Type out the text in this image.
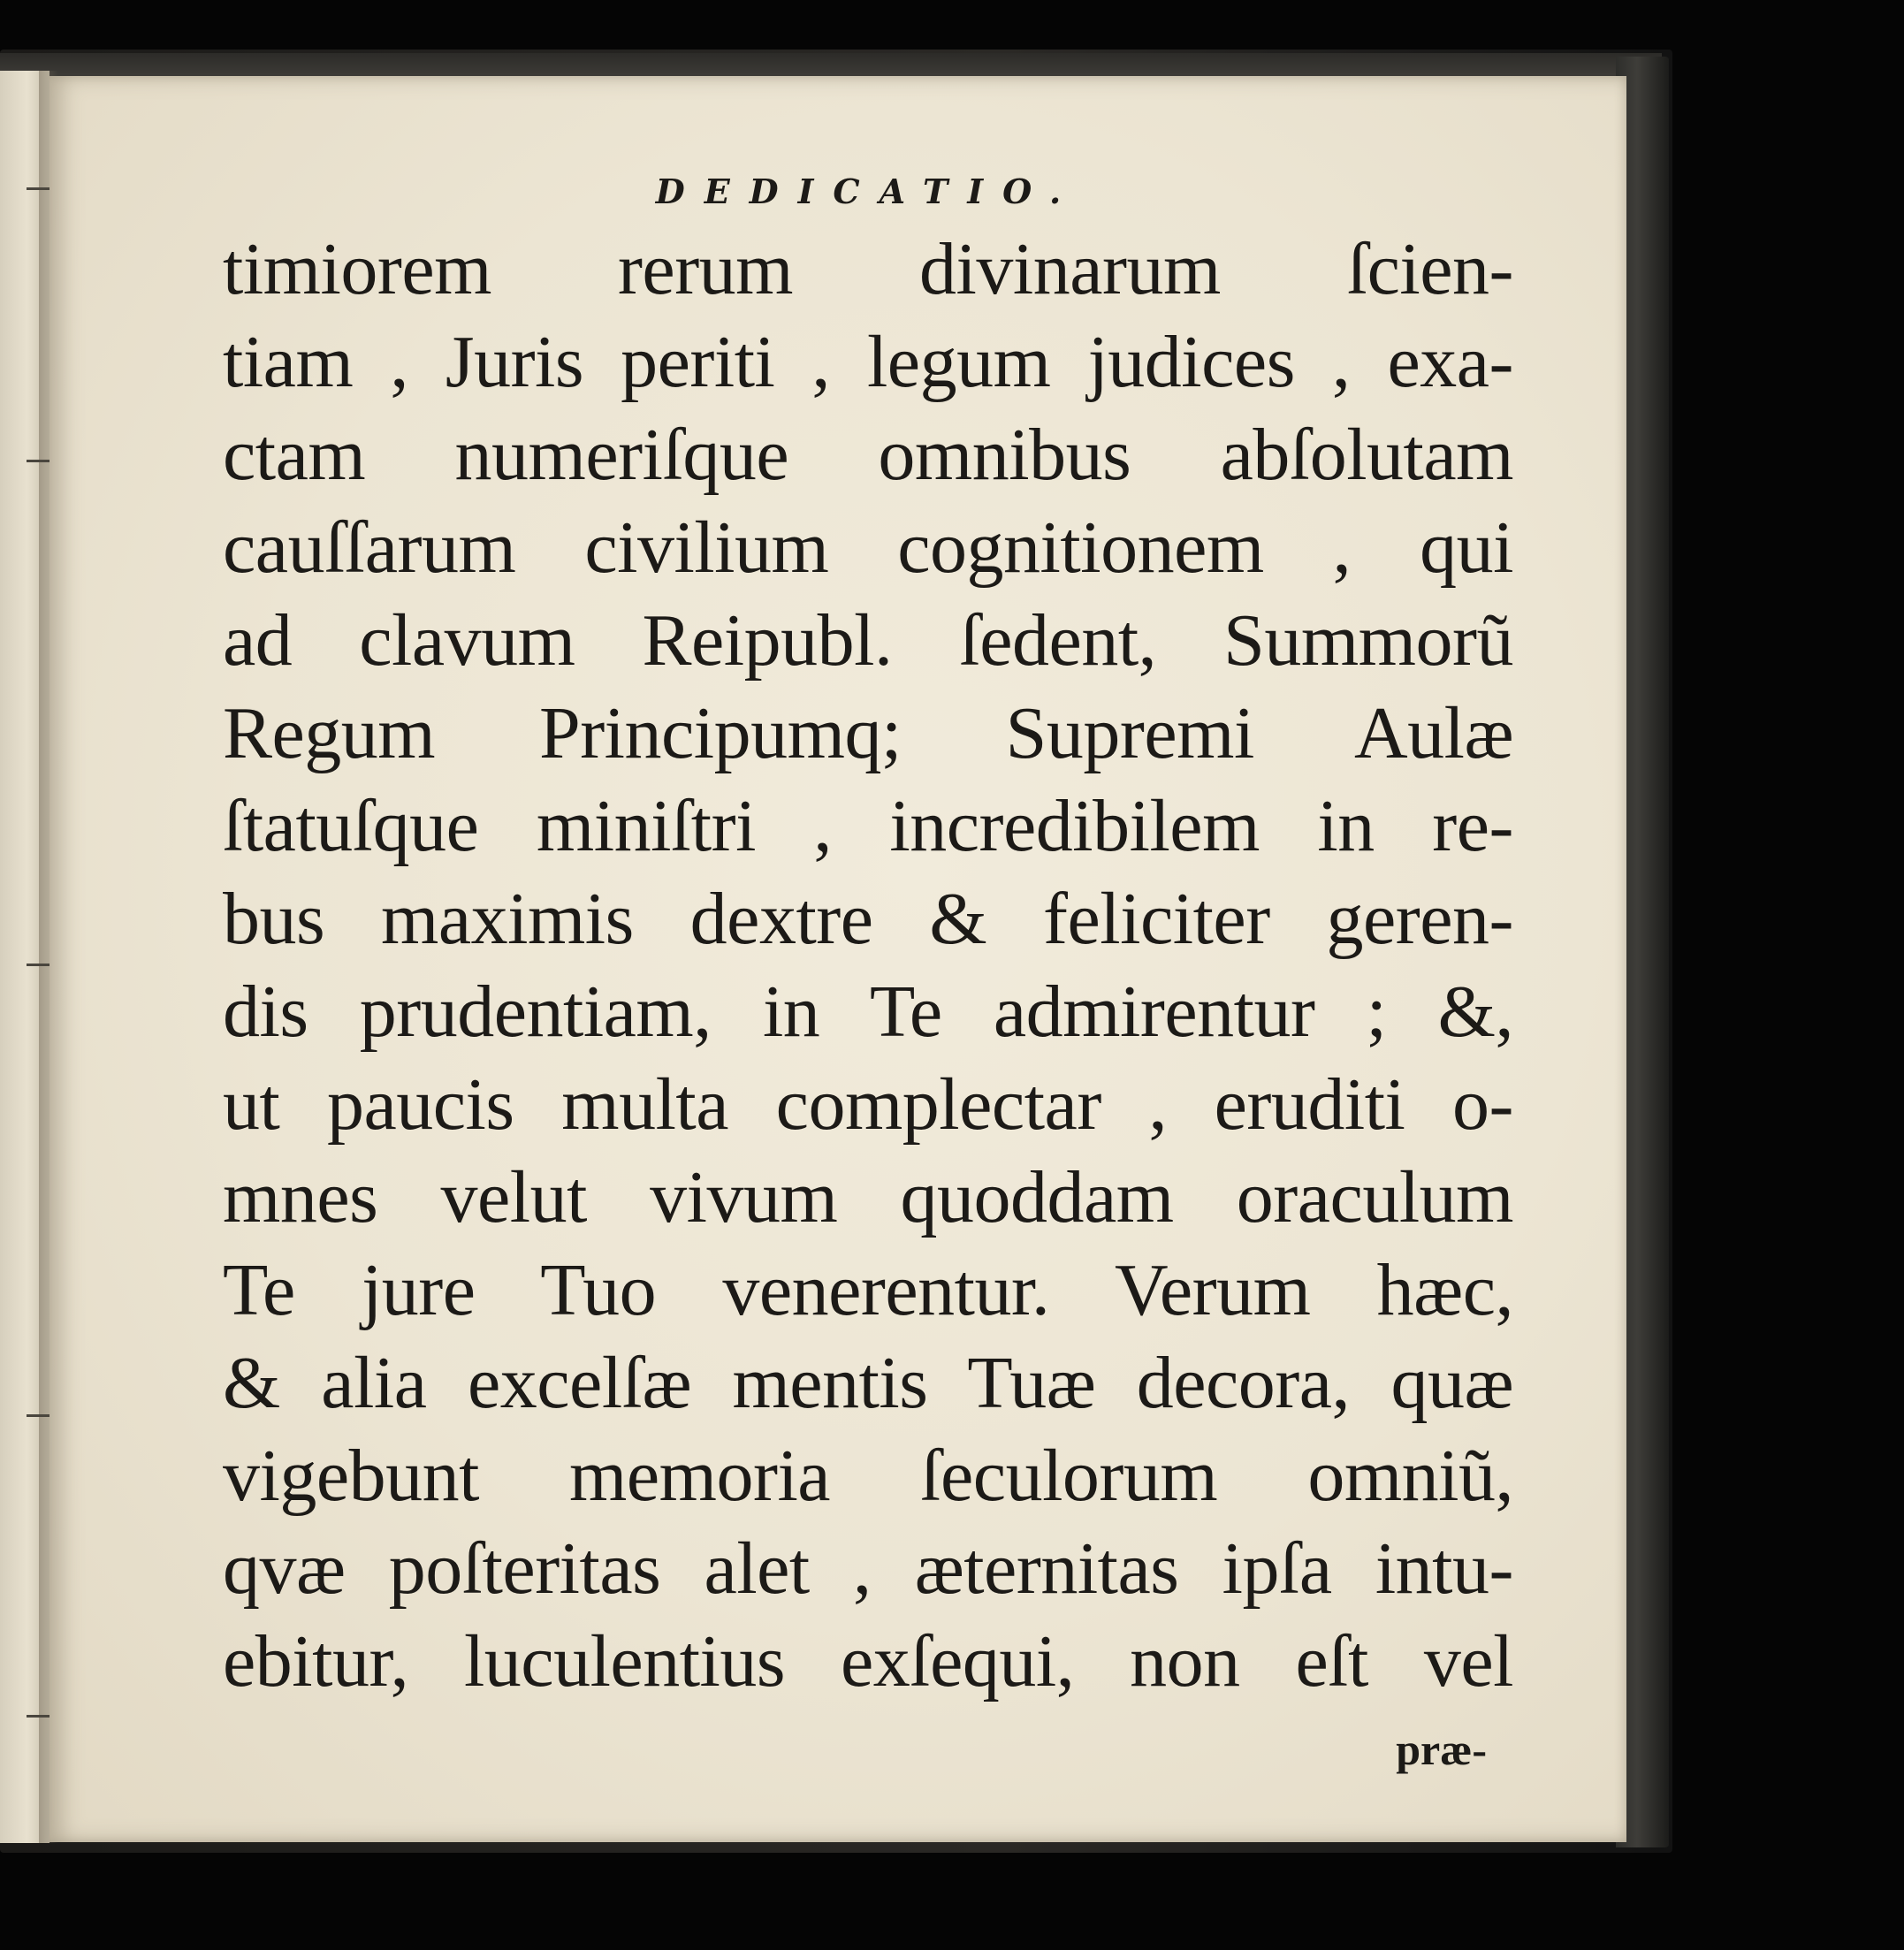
DEDICATIO.
timiorem rerum divinarum ſcien-
tiam , Juris periti , legum judices , exa-
ctam numeriſque omnibus abſolutam
cauſſarum civilium cognitionem , qui
ad clavum Reipubl. ſedent, Summorũ
Regum Principumq; Supremi Aulæ
ſtatuſque miniſtri , incredibilem in re-
bus maximis dextre & feliciter geren-
dis prudentiam, in Te admirentur ; &,
ut paucis multa complectar , eruditi o-
mnes velut vivum quoddam oraculum
Te jure Tuo venerentur. Verum hæc,
& alia excelſæ mentis Tuæ decora, quæ
vigebunt memoria ſeculorum omniũ,
qvæ poſteritas alet , æternitas ipſa intu-
ebitur, luculentius exſequi, non eſt vel
præ-
